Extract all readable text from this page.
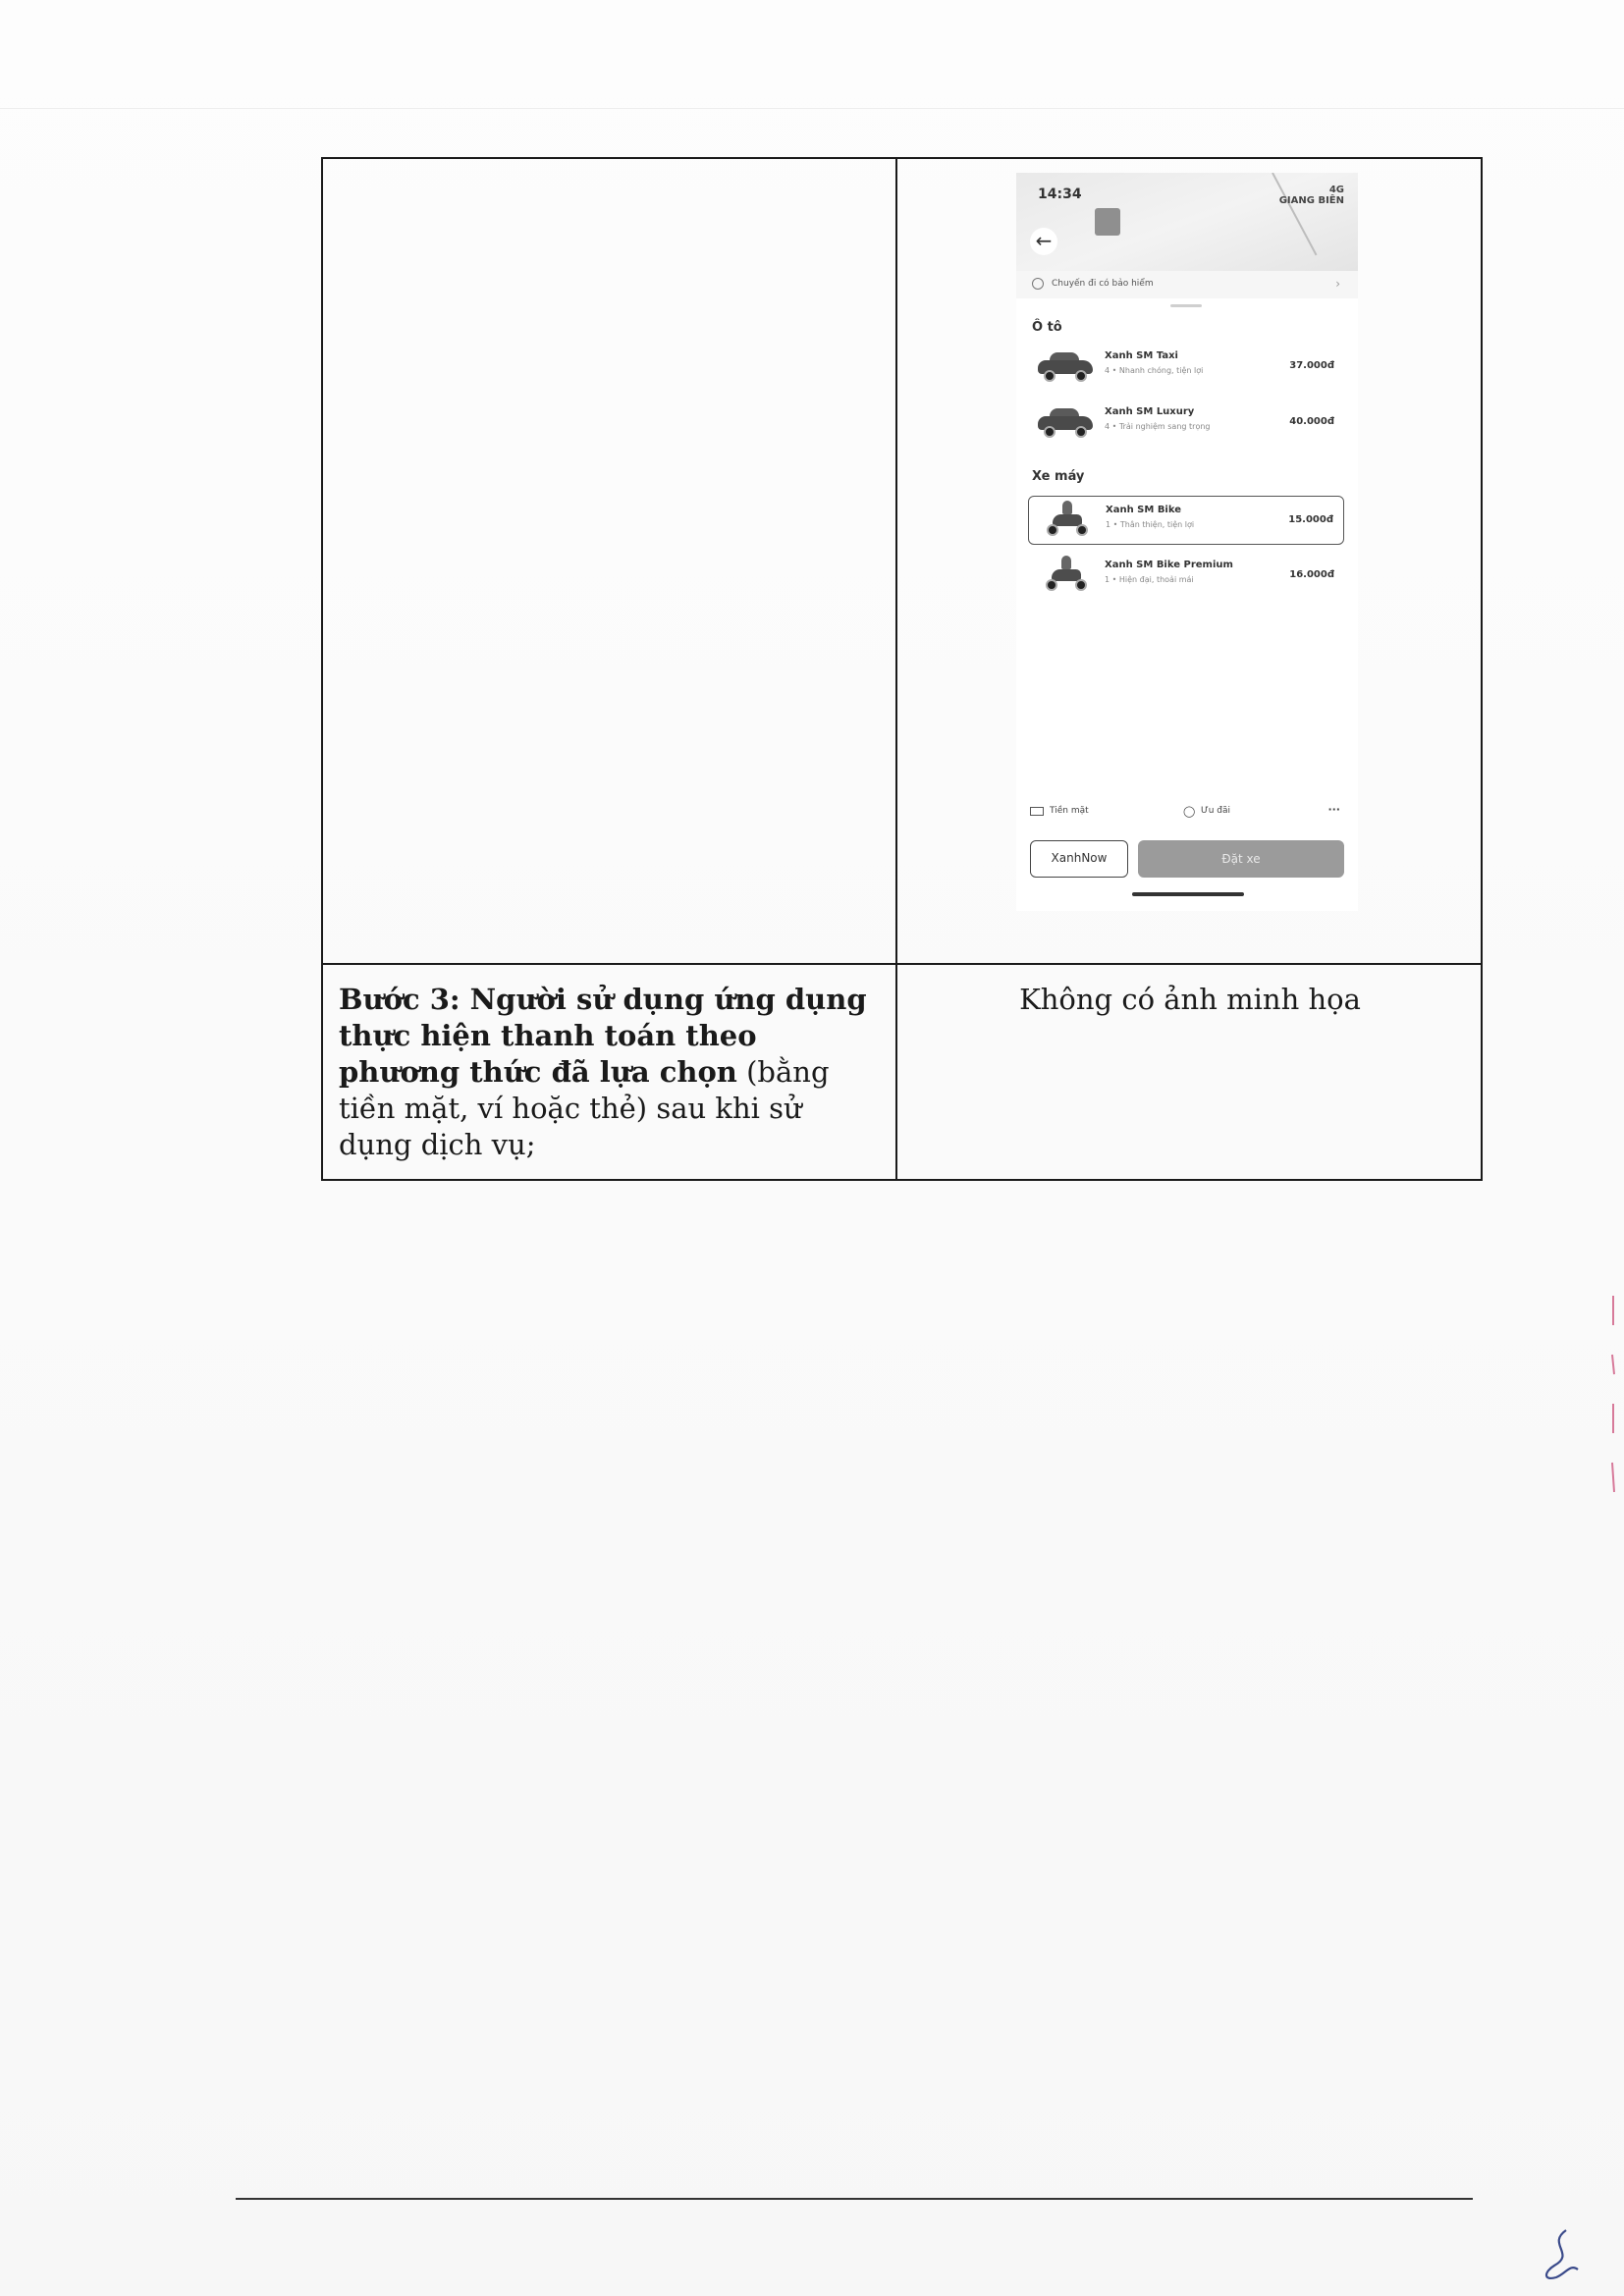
14:34	4G
GIANG BIÊN
←
Chuyến đi có bảo hiểm	›
Ô tô
Xanh SM Taxi
4 • Nhanh chóng, tiện lợi	37.000đ
Xanh SM Luxury
4 • Trải nghiệm sang trọng	40.000đ
Xe máy
Xanh SM Bike
1 • Thân thiện, tiện lợi	15.000đ
Xanh SM Bike Premium
1 • Hiện đại, thoải mái	16.000đ
Tiền mặt	◯ Ưu đãi	···
XanhNow	Đặt xe
Bước 3: Người sử dụng ứng dụng thực hiện thanh toán theo phương thức đã lựa chọn (bằng tiền mặt, ví hoặc thẻ) sau khi sử dụng dịch vụ;
Không có ảnh minh họa
